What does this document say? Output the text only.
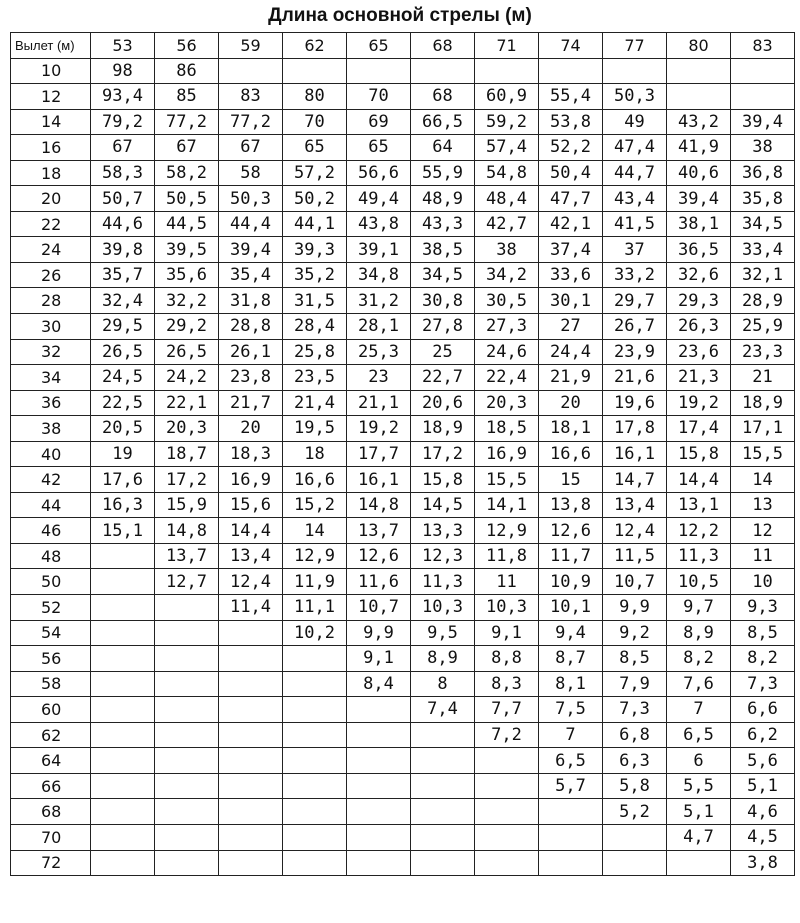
Длина основной стрелы (м)
Вылет (м)	53	56	59	62	65	68	71	74	77	80	83
10	98	86									
12	93,4	85	83	80	70	68	60,9	55,4	50,3		
14	79,2	77,2	77,2	70	69	66,5	59,2	53,8	49	43,2	39,4
16	67	67	67	65	65	64	57,4	52,2	47,4	41,9	38
18	58,3	58,2	58	57,2	56,6	55,9	54,8	50,4	44,7	40,6	36,8
20	50,7	50,5	50,3	50,2	49,4	48,9	48,4	47,7	43,4	39,4	35,8
22	44,6	44,5	44,4	44,1	43,8	43,3	42,7	42,1	41,5	38,1	34,5
24	39,8	39,5	39,4	39,3	39,1	38,5	38	37,4	37	36,5	33,4
26	35,7	35,6	35,4	35,2	34,8	34,5	34,2	33,6	33,2	32,6	32,1
28	32,4	32,2	31,8	31,5	31,2	30,8	30,5	30,1	29,7	29,3	28,9
30	29,5	29,2	28,8	28,4	28,1	27,8	27,3	27	26,7	26,3	25,9
32	26,5	26,5	26,1	25,8	25,3	25	24,6	24,4	23,9	23,6	23,3
34	24,5	24,2	23,8	23,5	23	22,7	22,4	21,9	21,6	21,3	21
36	22,5	22,1	21,7	21,4	21,1	20,6	20,3	20	19,6	19,2	18,9
38	20,5	20,3	20	19,5	19,2	18,9	18,5	18,1	17,8	17,4	17,1
40	19	18,7	18,3	18	17,7	17,2	16,9	16,6	16,1	15,8	15,5
42	17,6	17,2	16,9	16,6	16,1	15,8	15,5	15	14,7	14,4	14
44	16,3	15,9	15,6	15,2	14,8	14,5	14,1	13,8	13,4	13,1	13
46	15,1	14,8	14,4	14	13,7	13,3	12,9	12,6	12,4	12,2	12
48		13,7	13,4	12,9	12,6	12,3	11,8	11,7	11,5	11,3	11
50		12,7	12,4	11,9	11,6	11,3	11	10,9	10,7	10,5	10
52			11,4	11,1	10,7	10,3	10,3	10,1	9,9	9,7	9,3
54				10,2	9,9	9,5	9,1	9,4	9,2	8,9	8,5
56					9,1	8,9	8,8	8,7	8,5	8,2	8,2
58					8,4	8	8,3	8,1	7,9	7,6	7,3
60						7,4	7,7	7,5	7,3	7	6,6
62							7,2	7	6,8	6,5	6,2
64								6,5	6,3	6	5,6
66								5,7	5,8	5,5	5,1
68									5,2	5,1	4,6
70										4,7	4,5
72											3,8
